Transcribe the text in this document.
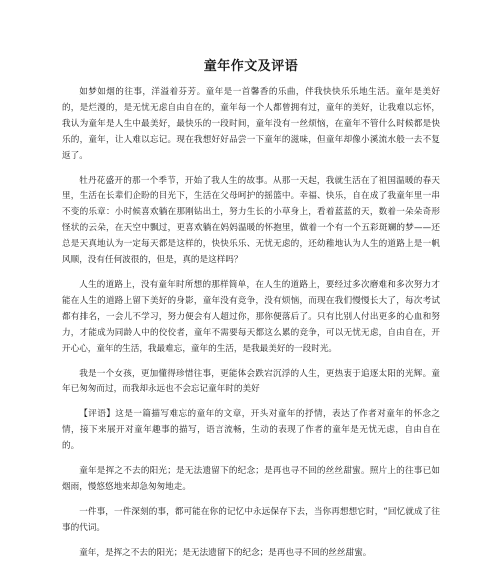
童年作文及评语

如梦如烟的往事，洋溢着芬芳。童年是一首馨香的乐曲，伴我快快乐乐地生活。童年是美好的，是烂漫的，是无忧无虑自由自在的，童年每一个人都曾拥有过，童年的美好，让我难以忘怀，我认为童年是人生中最美好，最快乐的一段时间，童年没有一丝烦恼，在童年不管什么时候都是快乐的，童年，让人难以忘记。现在我想好好品尝一下童年的滋味，但童年却像小溪流水般一去不复返了。

牡丹花盛开的那一个季节，开始了我人生的故事。从那一天起，我就生活在了祖国温暖的春天里，生活在长辈们企盼的目光下，生活在父母呵护的摇篮中。幸福、快乐，自在成了我童年里一串不变的乐章：小时候喜欢躺在那刚钻出土，努力生长的小草身上，看着蓝蓝的天，数着一朵朵奇形怪状的云朵，在天空中飘过，更喜欢躺在妈妈温暖的怀抱里，做着一个有一个五彩斑斓的梦——还总是天真地认为一定每天都是这样的，快快乐乐、无忧无虑的，还幼稚地认为人生的道路上是一帆风顺，没有任何波很的，但是，真的是这样吗？

人生的道路上，没有童年时所想的那样简单，在人生的道路上，要经过多次磨难和多次努力才能在人生的道路上留下美好的身影，童年没有竞争，没有烦恼，而现在我们慢慢长大了，每次考试都有排名，一会儿不学习，努力便会有人超过你，那你便落后了。只有比别人付出更多的心血和努力，才能成为同龄人中的佼佼者，童年不需要每天都这么累的竞争，可以无忧无虑，自由自在，开开心心，童年的生活，我最难忘，童年的生活，是我最美好的一段时光。

我是一个女孩，更加懂得珍惜往事，更能体会跌宕沉浮的人生，更热衷于追逐太阳的光辉。童年已匆匆而过，而我却永远也不会忘记童年时的美好

【评语】这是一篇描写难忘的童年的文章，开头对童年的抒情，表达了作者对童年的怀念之情，接下来展开对童年趣事的描写，语言流畅，生动的表现了作者的童年是无忧无虑，自由自在的。

童年是挥之不去的阳光；是无法遗留下的纪念；是再也寻不回的丝丝甜蜜。照片上的往事已如烟雨，慢悠悠地来却急匆匆地走。

一件事，一件深刻的事，都可能在你的记忆中永远保存下去，当你再想想它时，“回忆就成了往事的代词。

童年，是挥之不去的阳光；是无法遗留下的纪念；是再也寻不回的丝丝甜蜜。
